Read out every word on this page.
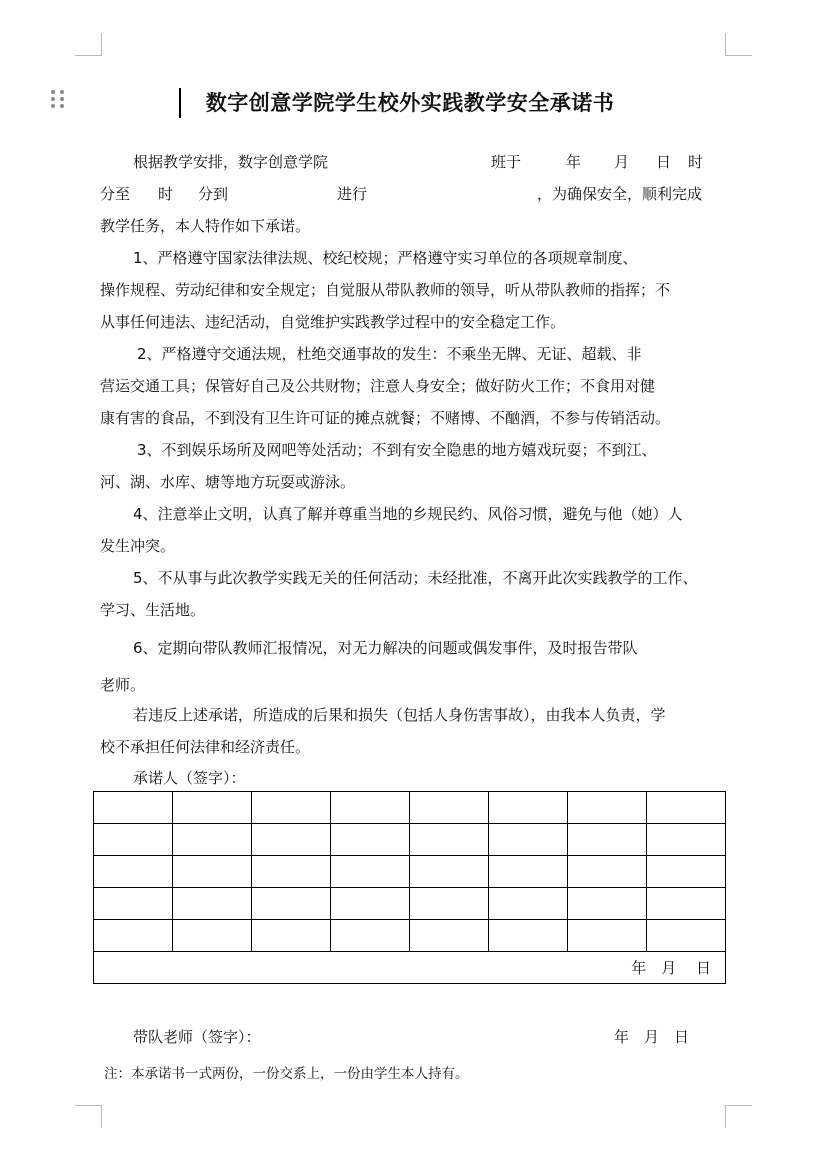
数字创意学院学生校外实践教学安全承诺书
根据教学安排，数字创意学院	班于	年 月 日 时
分至 时 分到	进行	，为确保安全，顺利完成
教学任务，本人特作如下承诺。
1、严格遵守国家法律法规、校纪校规；严格遵守实习单位的各项规章制度、
操作规程、劳动纪律和安全规定；自觉服从带队教师的领导，听从带队教师的指挥；不
从事任何违法、违纪活动，自觉维护实践教学过程中的安全稳定工作。
2、严格遵守交通法规，杜绝交通事故的发生：不乘坐无牌、无证、超载、非
营运交通工具；保管好自己及公共财物；注意人身安全；做好防火工作；不食用对健
康有害的食品，不到没有卫生许可证的摊点就餐；不赌博、不酗酒，不参与传销活动。
3、不到娱乐场所及网吧等处活动；不到有安全隐患的地方嬉戏玩耍；不到江、
河、湖、水库、塘等地方玩耍或游泳。
4、注意举止文明，认真了解并尊重当地的乡规民约、风俗习惯，避免与他（她）人
发生冲突。
5、不从事与此次教学实践无关的任何活动；未经批准，不离开此次实践教学的工作、
学习、生活地。
6、定期向带队教师汇报情况，对无力解决的问题或偶发事件，及时报告带队
老师。
若违反上述承诺，所造成的后果和损失（包括人身伤害事故），由我本人负责，学
校不承担任何法律和经济责任。
承诺人（签字）：

年　月　 日							
带队老师（签字）：	年　月　日
注：本承诺书一式两份，一份交系上，一份由学生本人持有。
